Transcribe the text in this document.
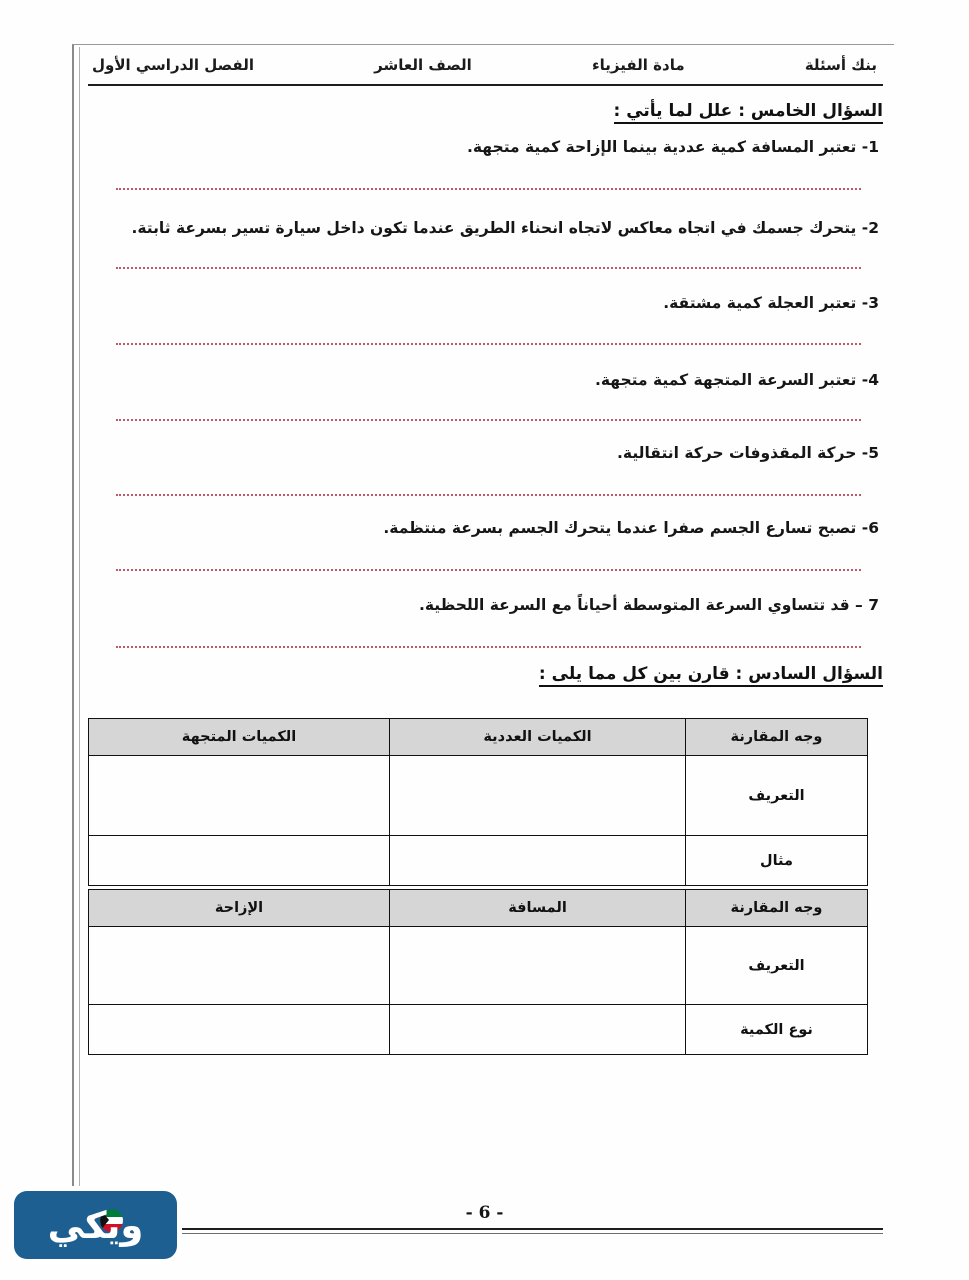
بنك أسئلة
مادة الفيزياء
الصف العاشر
الفصل الدراسي الأول
السؤال الخامس : علل لما يأتي :
1- تعتبر المسافة كمية عددية بينما الإزاحة كمية متجهة.
2- يتحرك جسمك في اتجاه معاكس لاتجاه انحناء الطريق عندما تكون داخل سيارة تسير بسرعة ثابتة.
3- تعتبر العجلة كمية مشتقة.
4- تعتبر السرعة المتجهة كمية متجهة.
5- حركة المقذوفات حركة انتقالية.
6- تصبح تسارع الجسم صفرا عندما يتحرك الجسم بسرعة منتظمة.
7 – قد تتساوي السرعة المتوسطة أحياناً مع السرعة اللحظية.
السؤال السادس : قارن بين كل مما يلى :
وجه المقارنة	الكميات العددية	الكميات المتجهة
التعريف		
مثال		
وجه المقارنة	المسافة	الإزاحة
التعريف		
نوع الكمية		
- 6 -
ويكي
